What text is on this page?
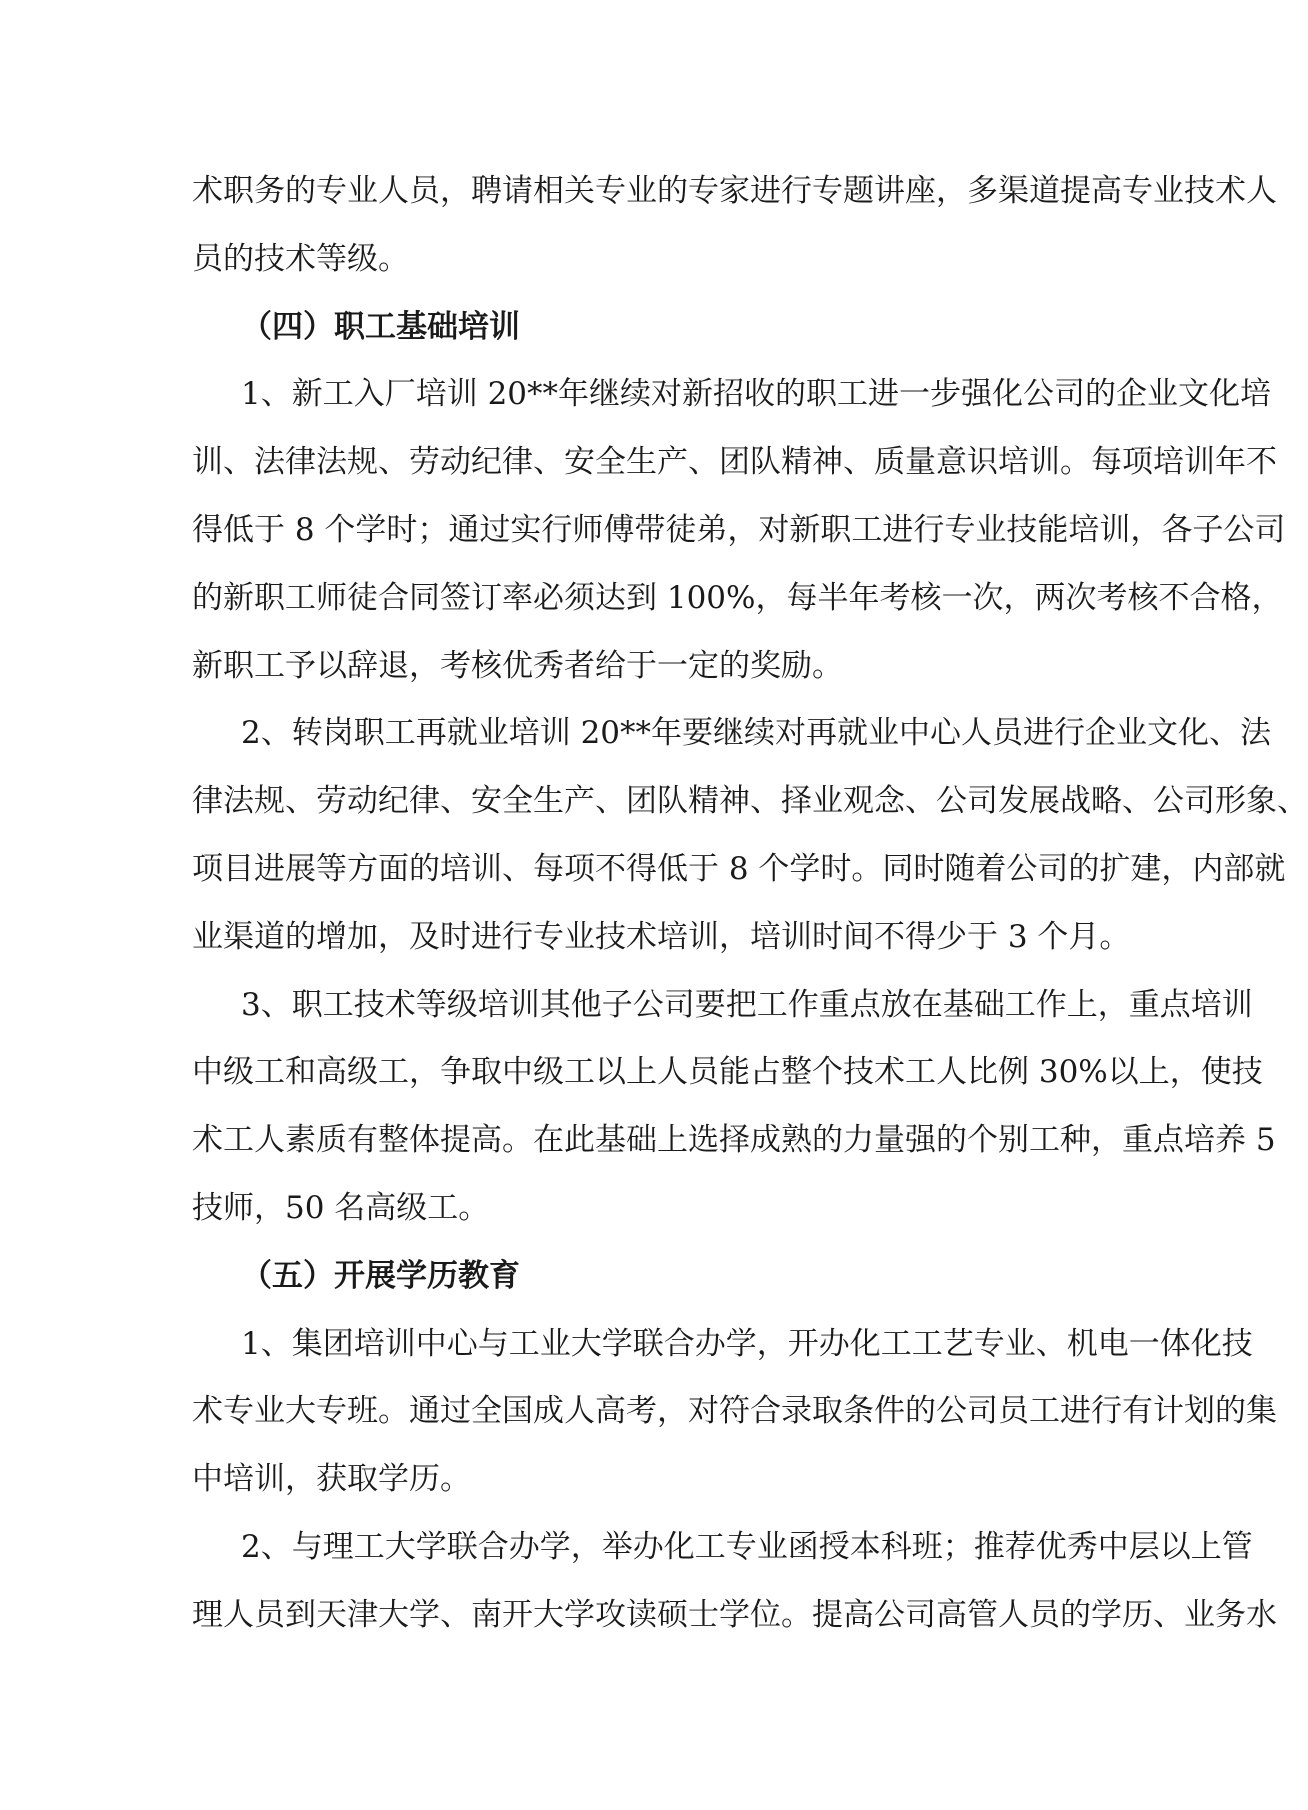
术职务的专业人员，聘请相关专业的专家进行专题讲座，多渠道提高专业技术人
员的技术等级。
（四）职工基础培训
1、新工入厂培训 20**年继续对新招收的职工进一步强化公司的企业文化培
训、法律法规、劳动纪律、安全生产、团队精神、质量意识培训。每项培训年不
得低于 8 个学时；通过实行师傅带徒弟，对新职工进行专业技能培训，各子公司
的新职工师徒合同签订率必须达到 100%，每半年考核一次，两次考核不合格，
新职工予以辞退，考核优秀者给于一定的奖励。
2、转岗职工再就业培训 20**年要继续对再就业中心人员进行企业文化、法
律法规、劳动纪律、安全生产、团队精神、择业观念、公司发展战略、公司形象、
项目进展等方面的培训、每项不得低于 8 个学时。同时随着公司的扩建，内部就
业渠道的增加，及时进行专业技术培训，培训时间不得少于 3 个月。
3、职工技术等级培训其他子公司要把工作重点放在基础工作上，重点培训
中级工和高级工，争取中级工以上人员能占整个技术工人比例 30%以上，使技
术工人素质有整体提高。在此基础上选择成熟的力量强的个别工种，重点培养 5
技师，50 名高级工。
（五）开展学历教育
1、集团培训中心与工业大学联合办学，开办化工工艺专业、机电一体化技
术专业大专班。通过全国成人高考，对符合录取条件的公司员工进行有计划的集
中培训，获取学历。
2、与理工大学联合办学，举办化工专业函授本科班；推荐优秀中层以上管
理人员到天津大学、南开大学攻读硕士学位。提高公司高管人员的学历、业务水
